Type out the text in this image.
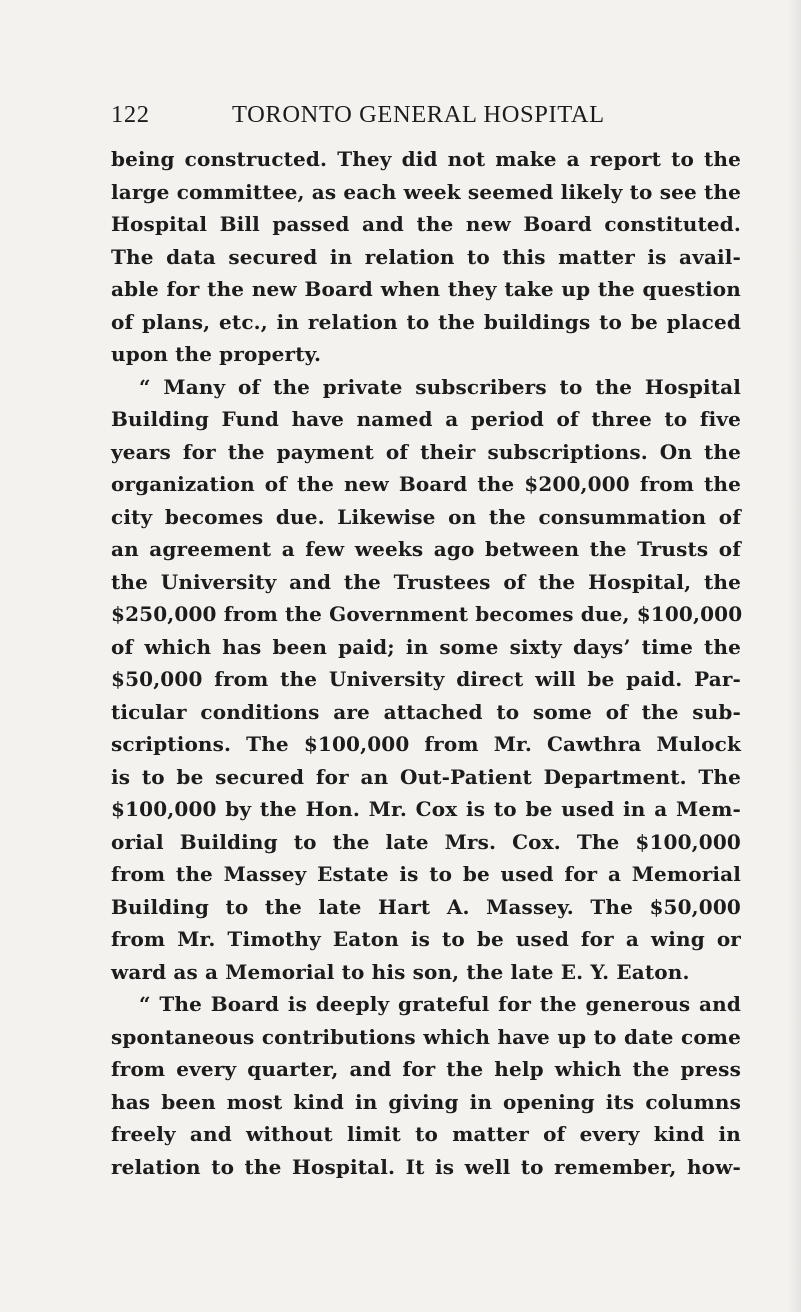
122	TORONTO GENERAL HOSPITAL
being constructed. They did not make a report to the
large committee, as each week seemed likely to see the
Hospital Bill passed and the new Board constituted.
The data secured in relation to this matter is avail-
able for the new Board when they take up the question
of plans, etc., in relation to the buildings to be placed
upon the property.
“ Many of the private subscribers to the Hospital
Building Fund have named a period of three to five
years for the payment of their subscriptions. On the
organization of the new Board the $200,000 from the
city becomes due. Likewise on the consummation of
an agreement a few weeks ago between the Trusts of
the University and the Trustees of the Hospital, the
$250,000 from the Government becomes due, $100,000
of which has been paid; in some sixty days’ time the
$50,000 from the University direct will be paid. Par-
ticular conditions are attached to some of the sub-
scriptions. The $100,000 from Mr. Cawthra Mulock
is to be secured for an Out-Patient Department. The
$100,000 by the Hon. Mr. Cox is to be used in a Mem-
orial Building to the late Mrs. Cox. The $100,000
from the Massey Estate is to be used for a Memorial
Building to the late Hart A. Massey. The $50,000
from Mr. Timothy Eaton is to be used for a wing or
ward as a Memorial to his son, the late E. Y. Eaton.
“ The Board is deeply grateful for the generous and
spontaneous contributions which have up to date come
from every quarter, and for the help which the press
has been most kind in giving in opening its columns
freely and without limit to matter of every kind in
relation to the Hospital. It is well to remember, how-
